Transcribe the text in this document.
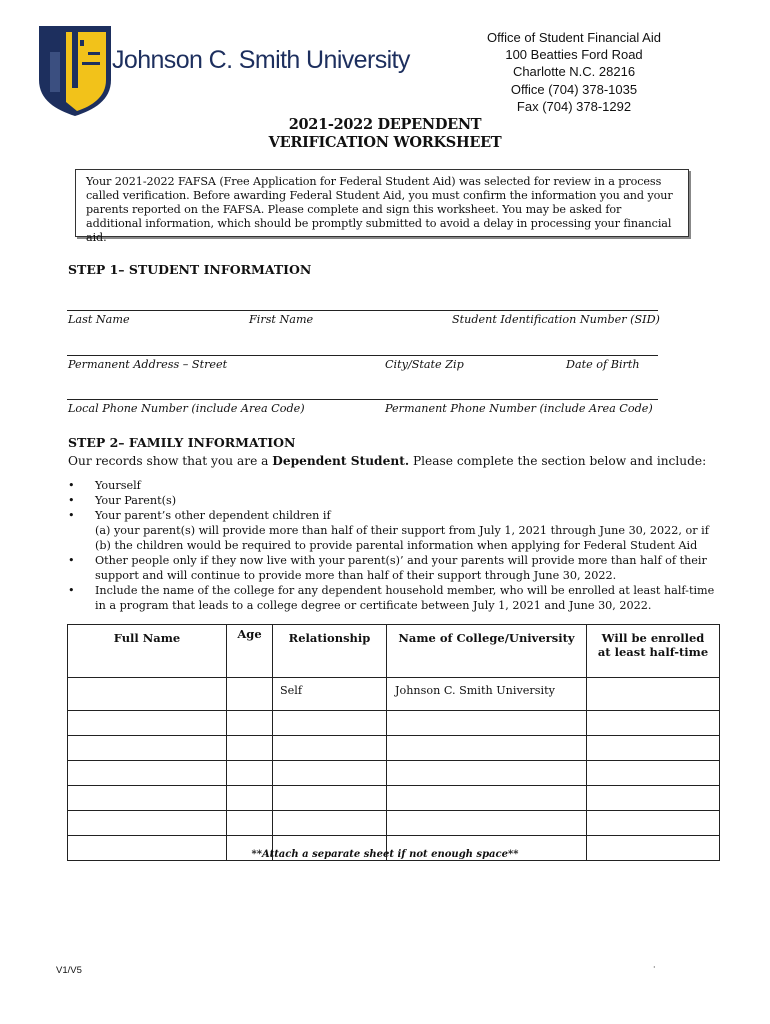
Johnson C. Smith University
Office of Student Financial Aid
100 Beatties Ford Road
Charlotte N.C. 28216
Office (704) 378-1035
Fax (704) 378-1292
2021-2022 DEPENDENT
VERIFICATION WORKSHEET

Your 2021-2022 FAFSA (Free Application for Federal Student Aid) was selected for review in a process called verification. Before awarding Federal Student Aid, you must confirm the information you and your parents reported on the FAFSA. Please complete and sign this worksheet. You may be asked for additional information, which should be promptly submitted to avoid a delay in processing your financial aid.

STEP 1– STUDENT INFORMATION
Last Name	First Name	Student Identification Number (SID)
Permanent Address – Street	City/State Zip	Date of Birth
Local Phone Number (include Area Code)	Permanent Phone Number (include Area Code)
STEP 2– FAMILY INFORMATION
Our records show that you are a Dependent Student. Please complete the section below and include:
•	Yourself
•	Your Parent(s)
•	Your parent’s other dependent children if
(a) your parent(s) will provide more than half of their support from July 1, 2021 through June 30, 2022, or if
(b) the children would be required to provide parental information when applying for Federal Student Aid
•	Other people only if they now live with your parent(s)’ and your parents will provide more than half of their support and will continue to provide more than half of their support through June 30, 2022.
•	Include the name of the college for any dependent household member, who will be enrolled at least half-time in a program that leads to a college degree or certificate between July 1, 2021 and June 30, 2022.
Full Name	Age	Relationship	Name of College/University	Will be enrolled at least half-time
		Self	Johnson C. Smith University	

**Attach a separate sheet if not enough space**
V1/V5	·
